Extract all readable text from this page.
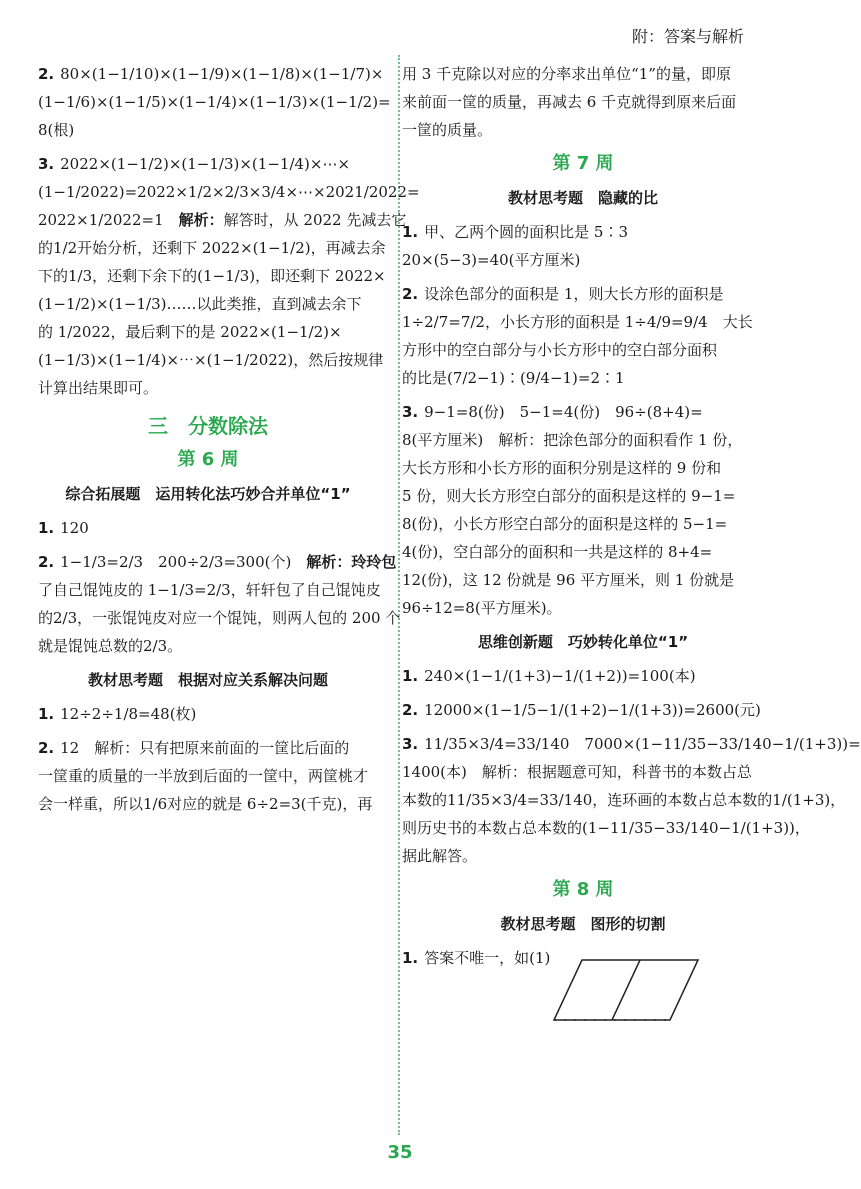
附：答案与解析
2. 80×(1−1/10)×(1−1/9)×(1−1/8)×(1−1/7)×
(1−1/6)×(1−1/5)×(1−1/4)×(1−1/3)×(1−1/2)=
8(根)
3. 2022×(1−1/2)×(1−1/3)×(1−1/4)×⋯×
(1−1/2022)=2022×1/2×2/3×3/4×⋯×2021/2022=
2022×1/2022=1　 解析：解答时，从 2022 先减去它
的1/2开始分析，还剩下 2022×(1−1/2)，再减去余
下的1/3，还剩下余下的(1−1/3)，即还剩下 2022×
(1−1/2)×(1−1/3)……以此类推，直到减去余下
的 1/2022，最后剩下的是 2022×(1−1/2)×
(1−1/3)×(1−1/4)×⋯×(1−1/2022)，然后按规律
计算出结果即可。
三　分数除法
第 6 周
综合拓展题　运用转化法巧妙合并单位“1”
1. 120
2. 1−1/3=2/3　200÷2/3=300(个)　 解析：玲玲包
了自己馄饨皮的 1−1/3=2/3，轩轩包了自己馄饨皮
的2/3，一张馄饨皮对应一个馄饨，则两人包的 200 个
就是馄饨总数的2/3。
教材思考题　根据对应关系解决问题
1. 12÷2÷1/8=48(枚)
2. 12　解析：只有把原来前面的一筐比后面的
一筐重的质量的一半放到后面的一筐中，两筐桃才
会一样重，所以1/6对应的就是 6÷2=3(千克)，再
用 3 千克除以对应的分率求出单位“1”的量，即原
来前面一筐的质量，再减去 6 千克就得到原来后面
一筐的质量。
第 7 周
教材思考题　隐藏的比
1. 甲、乙两个圆的面积比是 5∶3
20×(5−3)=40(平方厘米)
2. 设涂色部分的面积是 1，则大长方形的面积是
1÷2/7=7/2，小长方形的面积是 1÷4/9=9/4　大长
方形中的空白部分与小长方形中的空白部分面积
的比是(7/2−1)∶(9/4−1)=2∶1
3. 9−1=8(份)　5−1=4(份)　96÷(8+4)=
8(平方厘米)　解析：把涂色部分的面积看作 1 份，
大长方形和小长方形的面积分别是这样的 9 份和
5 份，则大长方形空白部分的面积是这样的 9−1=
8(份)，小长方形空白部分的面积是这样的 5−1=
4(份)，空白部分的面积和一共是这样的 8+4=
12(份)，这 12 份就是 96 平方厘米，则 1 份就是
96÷12=8(平方厘米)。
思维创新题　巧妙转化单位“1”
1. 240×(1−1/(1+3)−1/(1+2))=100(本)
2. 12000×(1−1/5−1/(1+2)−1/(1+3))=2600(元)
3. 11/35×3/4=33/140　7000×(1−11/35−33/140−1/(1+3))=
1400(本)　解析：根据题意可知，科普书的本数占总
本数的11/35×3/4=33/140，连环画的本数占总本数的1/(1+3)，
则历史书的本数占总本数的(1−11/35−33/140−1/(1+3))，
据此解答。
第 8 周
教材思考题　图形的切割
1. 答案不唯一，如(1)
35
